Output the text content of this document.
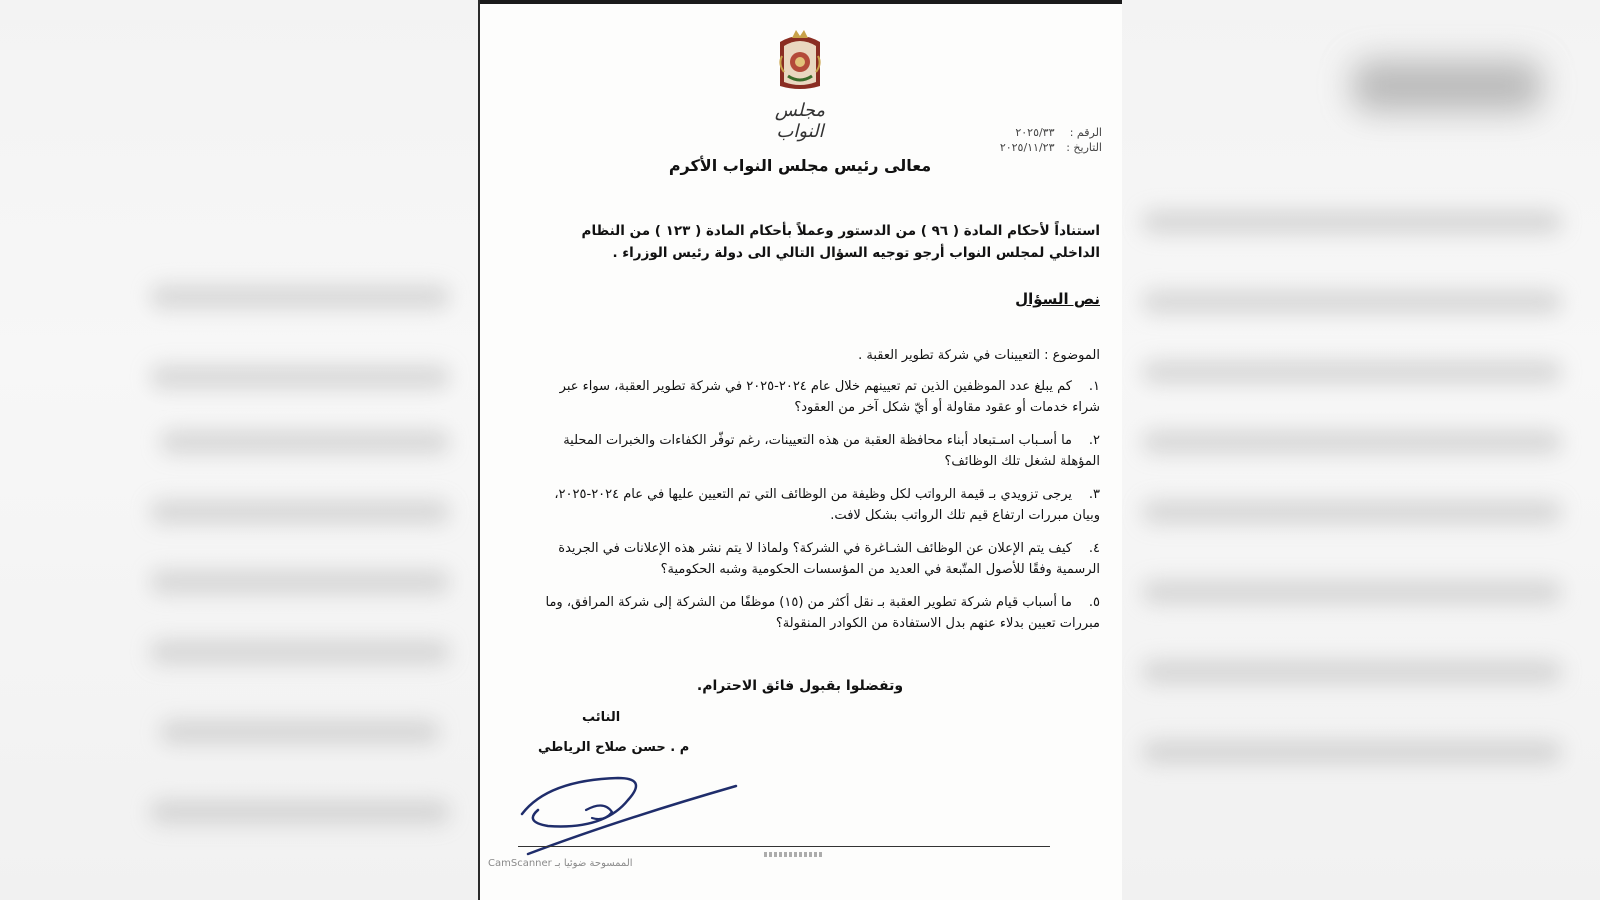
مجلس النواب	الرقم : ٢٠٢٥/٣٣
التاريخ : ٢٠٢٥/١١/٢٣
معالى رئيس مجلس النواب الأكرم
استناداً لأحكام المادة ( ٩٦ ) من الدستور وعملاً بأحكام المادة ( ١٢٣ ) من النظام الداخلي لمجلس النواب أرجو توجيه السؤال التالي الى دولة رئيس الوزراء .
نص السؤال
الموضوع : التعيينات في شركة تطوير العقبة .
١.كم يبلغ عدد الموظفين الذين تم تعيينهم خلال عام ٢٠٢٤-٢٠٢٥ في شركة تطوير العقبة، سواء عبر شراء خدمات أو عقود مقاولة أو أيّ شكل آخر من العقود؟
٢.ما أسـباب اسـتبعاد أبناء محافظة العقبة من هذه التعيينات، رغم توفّر الكفاءات والخبرات المحلية المؤهلة لشغل تلك الوظائف؟
٣.يرجى تزويدي بـ قيمة الرواتب لكل وظيفة من الوظائف التي تم التعيين عليها في عام ٢٠٢٤-٢٠٢٥، وبيان مبررات ارتفاع قيم تلك الرواتب بشكل لافت.
٤.كيف يتم الإعلان عن الوظائف الشـاغرة في الشركة؟ ولماذا لا يتم نشر هذه الإعلانات في الجريدة الرسمية وفقًا للأصول المتّبعة في العديد من المؤسسات الحكومية وشبه الحكومية؟
٥.ما أسباب قيام شركة تطوير العقبة بـ نقل أكثر من (١٥) موظفًا من الشركة إلى شركة المرافق، وما مبررات تعيين بدلاء عنهم بدل الاستفادة من الكوادر المنقولة؟
وتفضلوا بقبول فائق الاحترام.
النائب
م . حسن صلاح الرياطي
الممسوحة ضوئيا بـ CamScanner
